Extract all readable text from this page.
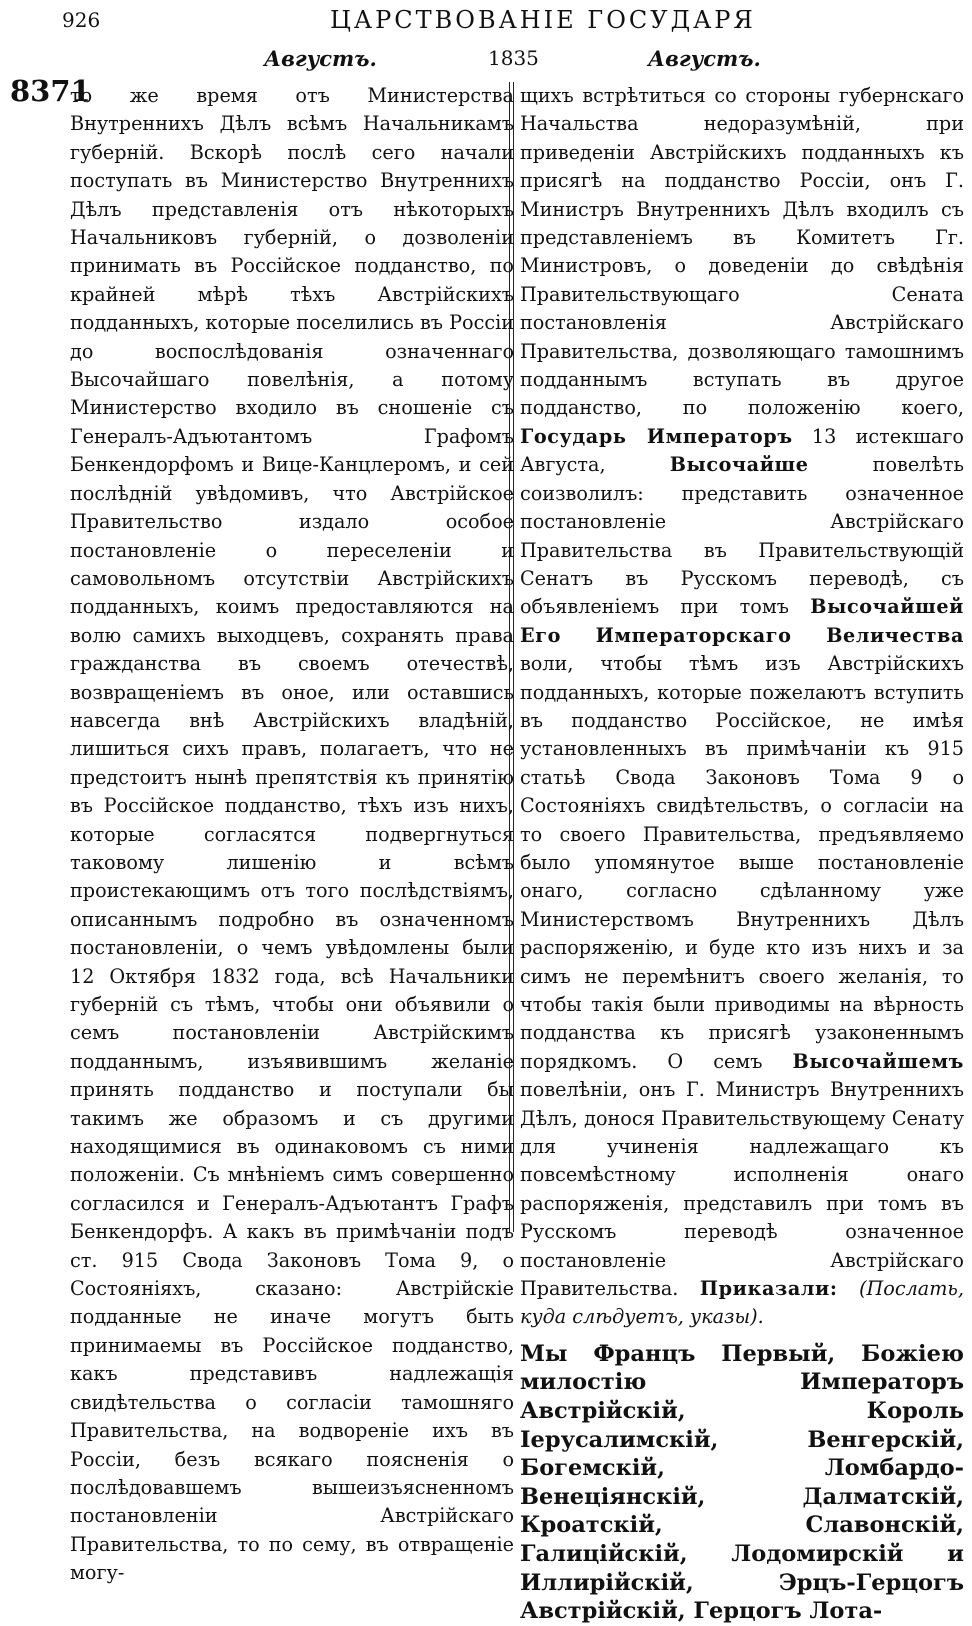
926	ЦАРСТВОВАНІЕ ГОСУДАРЯ
Августъ.	1835	Августъ.
8371
то же время отъ Министерства Внутреннихъ Дѣлъ всѣмъ Начальникамъ губерній. Вскорѣ послѣ сего начали поступать въ Министерство Внутреннихъ Дѣлъ представленія отъ нѣкоторыхъ Начальниковъ губерній, о дозволеніи принимать въ Россійское подданство, по крайней мѣрѣ тѣхъ Австрійскихъ подданныхъ, которые поселились въ Россіи до воспослѣдованія означеннаго Высочайшаго повелѣнія, а потому Министерство входило въ сношеніе съ Генералъ-Адъютантомъ Графомъ Бенкендорфомъ и Вице-Канцлеромъ, и сей послѣдній увѣдомивъ, что Австрійское Правительство издало особое постановленіе о переселеніи и самовольномъ отсутствіи Австрійскихъ подданныхъ, коимъ предоставляются на волю самихъ выходцевъ, сохранять права гражданства въ своемъ отечествѣ, возвращеніемъ въ оное, или оставшись навсегда внѣ Австрійскихъ владѣній, лишиться сихъ правъ, полагаетъ, что не предстоитъ нынѣ препятствія къ принятію въ Россійское подданство, тѣхъ изъ нихъ, которые согласятся подвергнуться таковому лишенію и всѣмъ проистекающимъ отъ того послѣдствіямъ, описаннымъ подробно въ означенномъ постановленіи, о чемъ увѣдомлены были 12 Октября 1832 года, всѣ Начальники губерній съ тѣмъ, чтобы они объявили о семъ постановленіи Австрійскимъ подданнымъ, изъявившимъ желаніе принять подданство и поступали бы такимъ же образомъ и съ другими находящимися въ одинаковомъ съ ними положеніи. Съ мнѣніемъ симъ совершенно согласился и Генералъ-Адъютантъ Графъ Бенкендорфъ. А какъ въ примѣчаніи подъ ст. 915 Свода Законовъ Тома 9, о Состояніяхъ, сказано: Австрійскіе подданные не иначе могутъ быть принимаемы въ Россійское подданство, какъ представивъ надлежащія свидѣтельства о согласіи тамошняго Правительства, на водвореніе ихъ въ Россіи, безъ всякаго поясненія о послѣдовавшемъ вышеизъясненномъ постановленіи Австрійскаго Правительства, то по сему, въ отвращеніе могу-
щихъ встрѣтиться со стороны губернскаго Начальства недоразумѣній, при приведеніи Австрійскихъ подданныхъ къ присягѣ на подданство Россіи, онъ Г. Министръ Внутреннихъ Дѣлъ входилъ съ представленіемъ въ Комитетъ Гг. Министровъ, о доведеніи до свѣдѣнія Правительствующаго Сената постановленія Австрійскаго Правительства, дозволяющаго тамошнимъ подданнымъ вступать въ другое подданство, по положенію коего, Государь Императоръ 13 истекшаго Августа,	Высочайше	повелѣть соизволилъ: представить означенное постановленіе Австрійскаго Правительства въ Правительствующій Сенатъ въ Русскомъ переводѣ, съ объявленіемъ при томъ Высочайшей Его Императорскаго Величества воли, чтобы тѣмъ изъ Австрійскихъ подданныхъ, которые пожелаютъ вступить въ подданство Россійское, не имѣя установленныхъ въ примѣчаніи къ 915 статьѣ Свода Законовъ Тома 9 о Состояніяхъ свидѣтельствъ, о согласіи на то своего Правительства, предъявляемо было упомянутое выше постановленіе онаго, согласно сдѣланному уже Министерствомъ Внутреннихъ Дѣлъ распоряженію, и буде кто изъ нихъ и за симъ не перемѣнитъ своего желанія, то чтобы такія были приводимы на вѣрность подданства къ присягѣ узаконеннымъ порядкомъ. О семъ Высочайшемъ повелѣніи, онъ Г. Министръ Внутреннихъ Дѣлъ, донося Правительствующему Сенату для учиненія надлежащаго къ повсемѣстному исполненія онаго распоряженія, представилъ при томъ въ Русскомъ переводѣ означенное постановленіе Австрійскаго Правительства. Приказали: (Послать, куда слѣдуетъ, указы).
Мы Францъ Первый, Божіею милостію Императоръ Австрійскій, Король Іерусалимскій, Венгерскій, Богемскій, Ломбардо-Венеціянскій, Далматскій, Кроатскій, Славонскій, Галиційскій, Лодомирскій и Иллирійскій, Эрцъ-Герцогъ Австрійскій, Герцогъ Лота-
